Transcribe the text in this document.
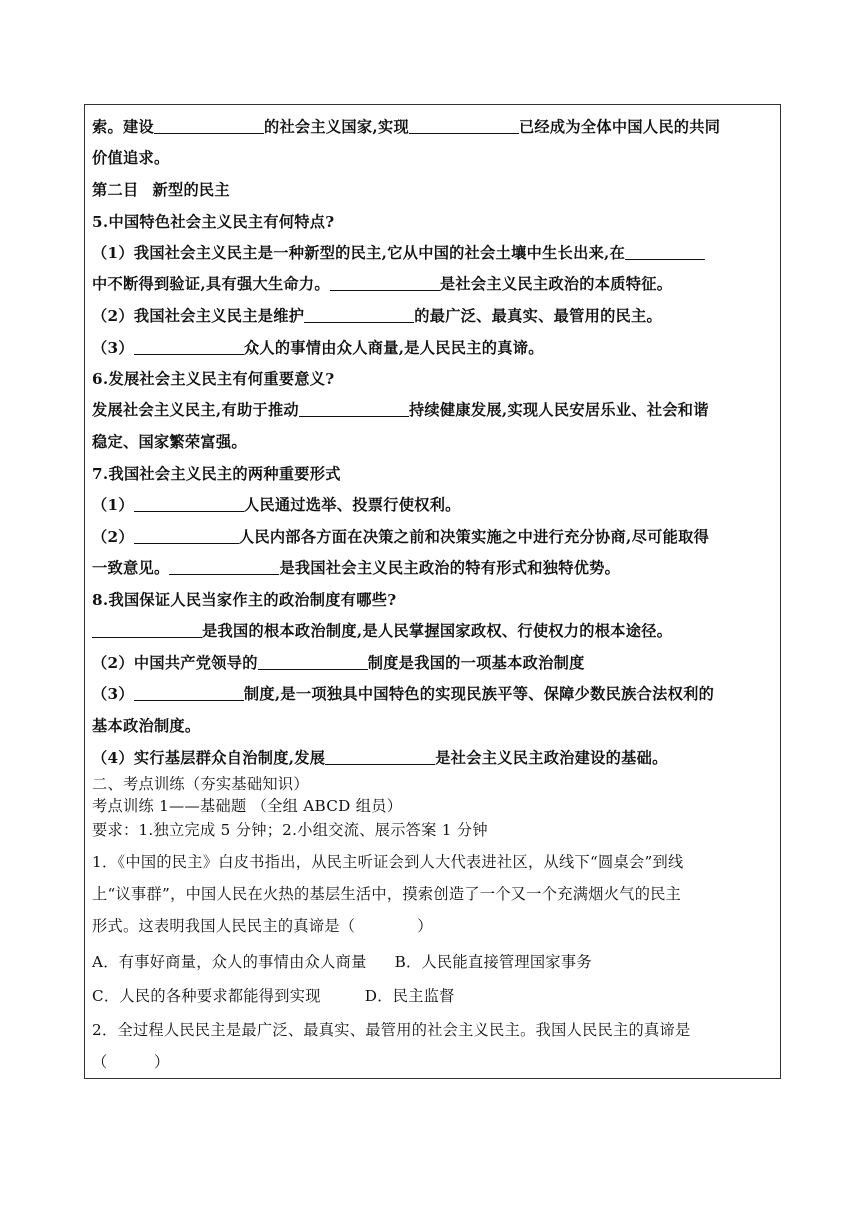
索。建设	的社会主义国家,实现	已经成为全体中国人民的共同
价值追求。
第二目 新型的民主
5.中国特色社会主义民主有何特点?
（1）我国社会主义民主是一种新型的民主,它从中国的社会土壤中生长出来,在
中不断得到验证,具有强大生命力。	是社会主义民主政治的本质特征。
（2）我国社会主义民主是维护	的最广泛、最真实、最管用的民主。
（3）	众人的事情由众人商量,是人民民主的真谛。
6.发展社会主义民主有何重要意义?
发展社会主义民主,有助于推动	持续健康发展,实现人民安居乐业、社会和谐
稳定、国家繁荣富强。
7.我国社会主义民主的两种重要形式
（1）	人民通过选举、投票行使权利。
（2）	人民内部各方面在决策之前和决策实施之中进行充分协商,尽可能取得
一致意见。	是我国社会主义民主政治的特有形式和独特优势。
8.我国保证人民当家作主的政治制度有哪些?
是我国的根本政治制度,是人民掌握国家政权、行使权力的根本途径。
（2）中国共产党领导的	制度是我国的一项基本政治制度
（3）	制度,是一项独具中国特色的实现民族平等、保障少数民族合法权利的
基本政治制度。
（4）实行基层群众自治制度,发展	是社会主义民主政治建设的基础。
二、考点训练（夯实基础知识）
考点训练 1——基础题 （全组 ABCD 组员）
要求：1.独立完成 5 分钟；2.小组交流、展示答案 1 分钟
1．《中国的民主》白皮书指出，从民主听证会到人大代表进社区，从线下“圆桌会”到线
上“议事群”，中国人民在火热的基层生活中，摸索创造了一个又一个充满烟火气的民主
形式。这表明我国人民民主的真谛是（　　　　）
A．有事好商量，众人的事情由众人商量 B．人民能直接管理国家事务
C．人民的各种要求都能得到实现	D．民主监督
2．全过程人民民主是最广泛、最真实、最管用的社会主义民主。我国人民民主的真谛是
（　　　）
